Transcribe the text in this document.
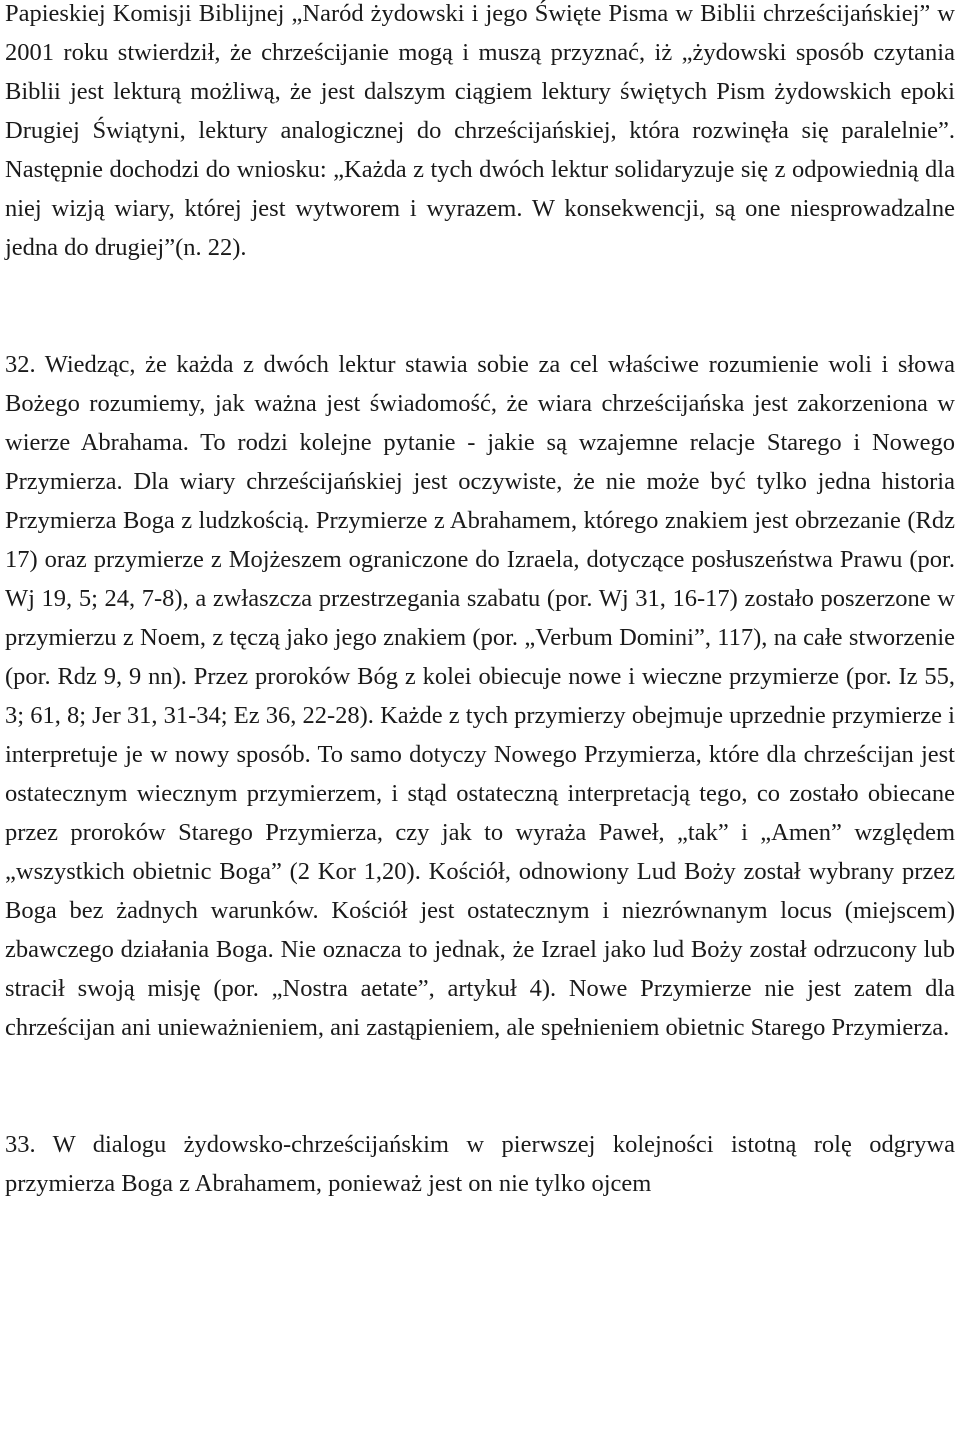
Papieskiej Komisji Biblijnej „Naród żydowski i jego Święte Pisma w Biblii chrześcijańskiej” w 2001 roku stwierdził, że chrześcijanie mogą i muszą przyznać, iż „żydowski sposób czytania Biblii jest lekturą możliwą, że jest dalszym ciągiem lektury świętych Pism żydowskich epoki Drugiej Świątyni, lektury analogicznej do chrześcijańskiej, która rozwinęła się paralelnie”. Następnie dochodzi do wniosku: „Każda z tych dwóch lektur solidaryzuje się z odpowiednią dla niej wizją wiary, której jest wytworem i wyrazem. W konsekwencji, są one niesprowadzalne jedna do drugiej”(n. 22).

32. Wiedząc, że każda z dwóch lektur stawia sobie za cel właściwe rozumienie woli i słowa Bożego rozumiemy, jak ważna jest świadomość, że wiara chrześcijańska jest zakorzeniona w wierze Abrahama. To rodzi kolejne pytanie - jakie są wzajemne relacje Starego i Nowego Przymierza. Dla wiary chrześcijańskiej jest oczywiste, że nie może być tylko jedna historia Przymierza Boga z ludzkością. Przymierze z Abrahamem, którego znakiem jest obrzezanie (Rdz 17) oraz przymierze z Mojżeszem ograniczone do Izraela, dotyczące posłuszeństwa Prawu (por. Wj 19, 5; 24, 7-8), a zwłaszcza przestrzegania szabatu (por. Wj 31, 16-17) zostało poszerzone w przymierzu z Noem, z tęczą jako jego znakiem (por. „Verbum Domini”, 117), na całe stworzenie (por. Rdz 9, 9 nn). Przez proroków Bóg z kolei obiecuje nowe i wieczne przymierze (por. Iz 55, 3; 61, 8; Jer 31, 31-34; Ez 36, 22-28). Każde z tych przymierzy obejmuje uprzednie przymierze i interpretuje je w nowy sposób. To samo dotyczy Nowego Przymierza, które dla chrześcijan jest ostatecznym wiecznym przymierzem, i stąd ostateczną interpretacją tego, co zostało obiecane przez proroków Starego Przymierza, czy jak to wyraża Paweł, „tak” i „Amen” względem „wszystkich obietnic Boga” (2 Kor 1,20). Kościół, odnowiony Lud Boży został wybrany przez Boga bez żadnych warunków. Kościół jest ostatecznym i niezrównanym locus (miejscem) zbawczego działania Boga. Nie oznacza to jednak, że Izrael jako lud Boży został odrzucony lub stracił swoją misję (por. „Nostra aetate”, artykuł 4). Nowe Przymierze nie jest zatem dla chrześcijan ani unieważnieniem, ani zastąpieniem, ale spełnieniem obietnic Starego Przymierza.

33. W dialogu żydowsko-chrześcijańskim w pierwszej kolejności istotną rolę odgrywa przymierza Boga z Abrahamem, ponieważ jest on nie tylko ojcem
